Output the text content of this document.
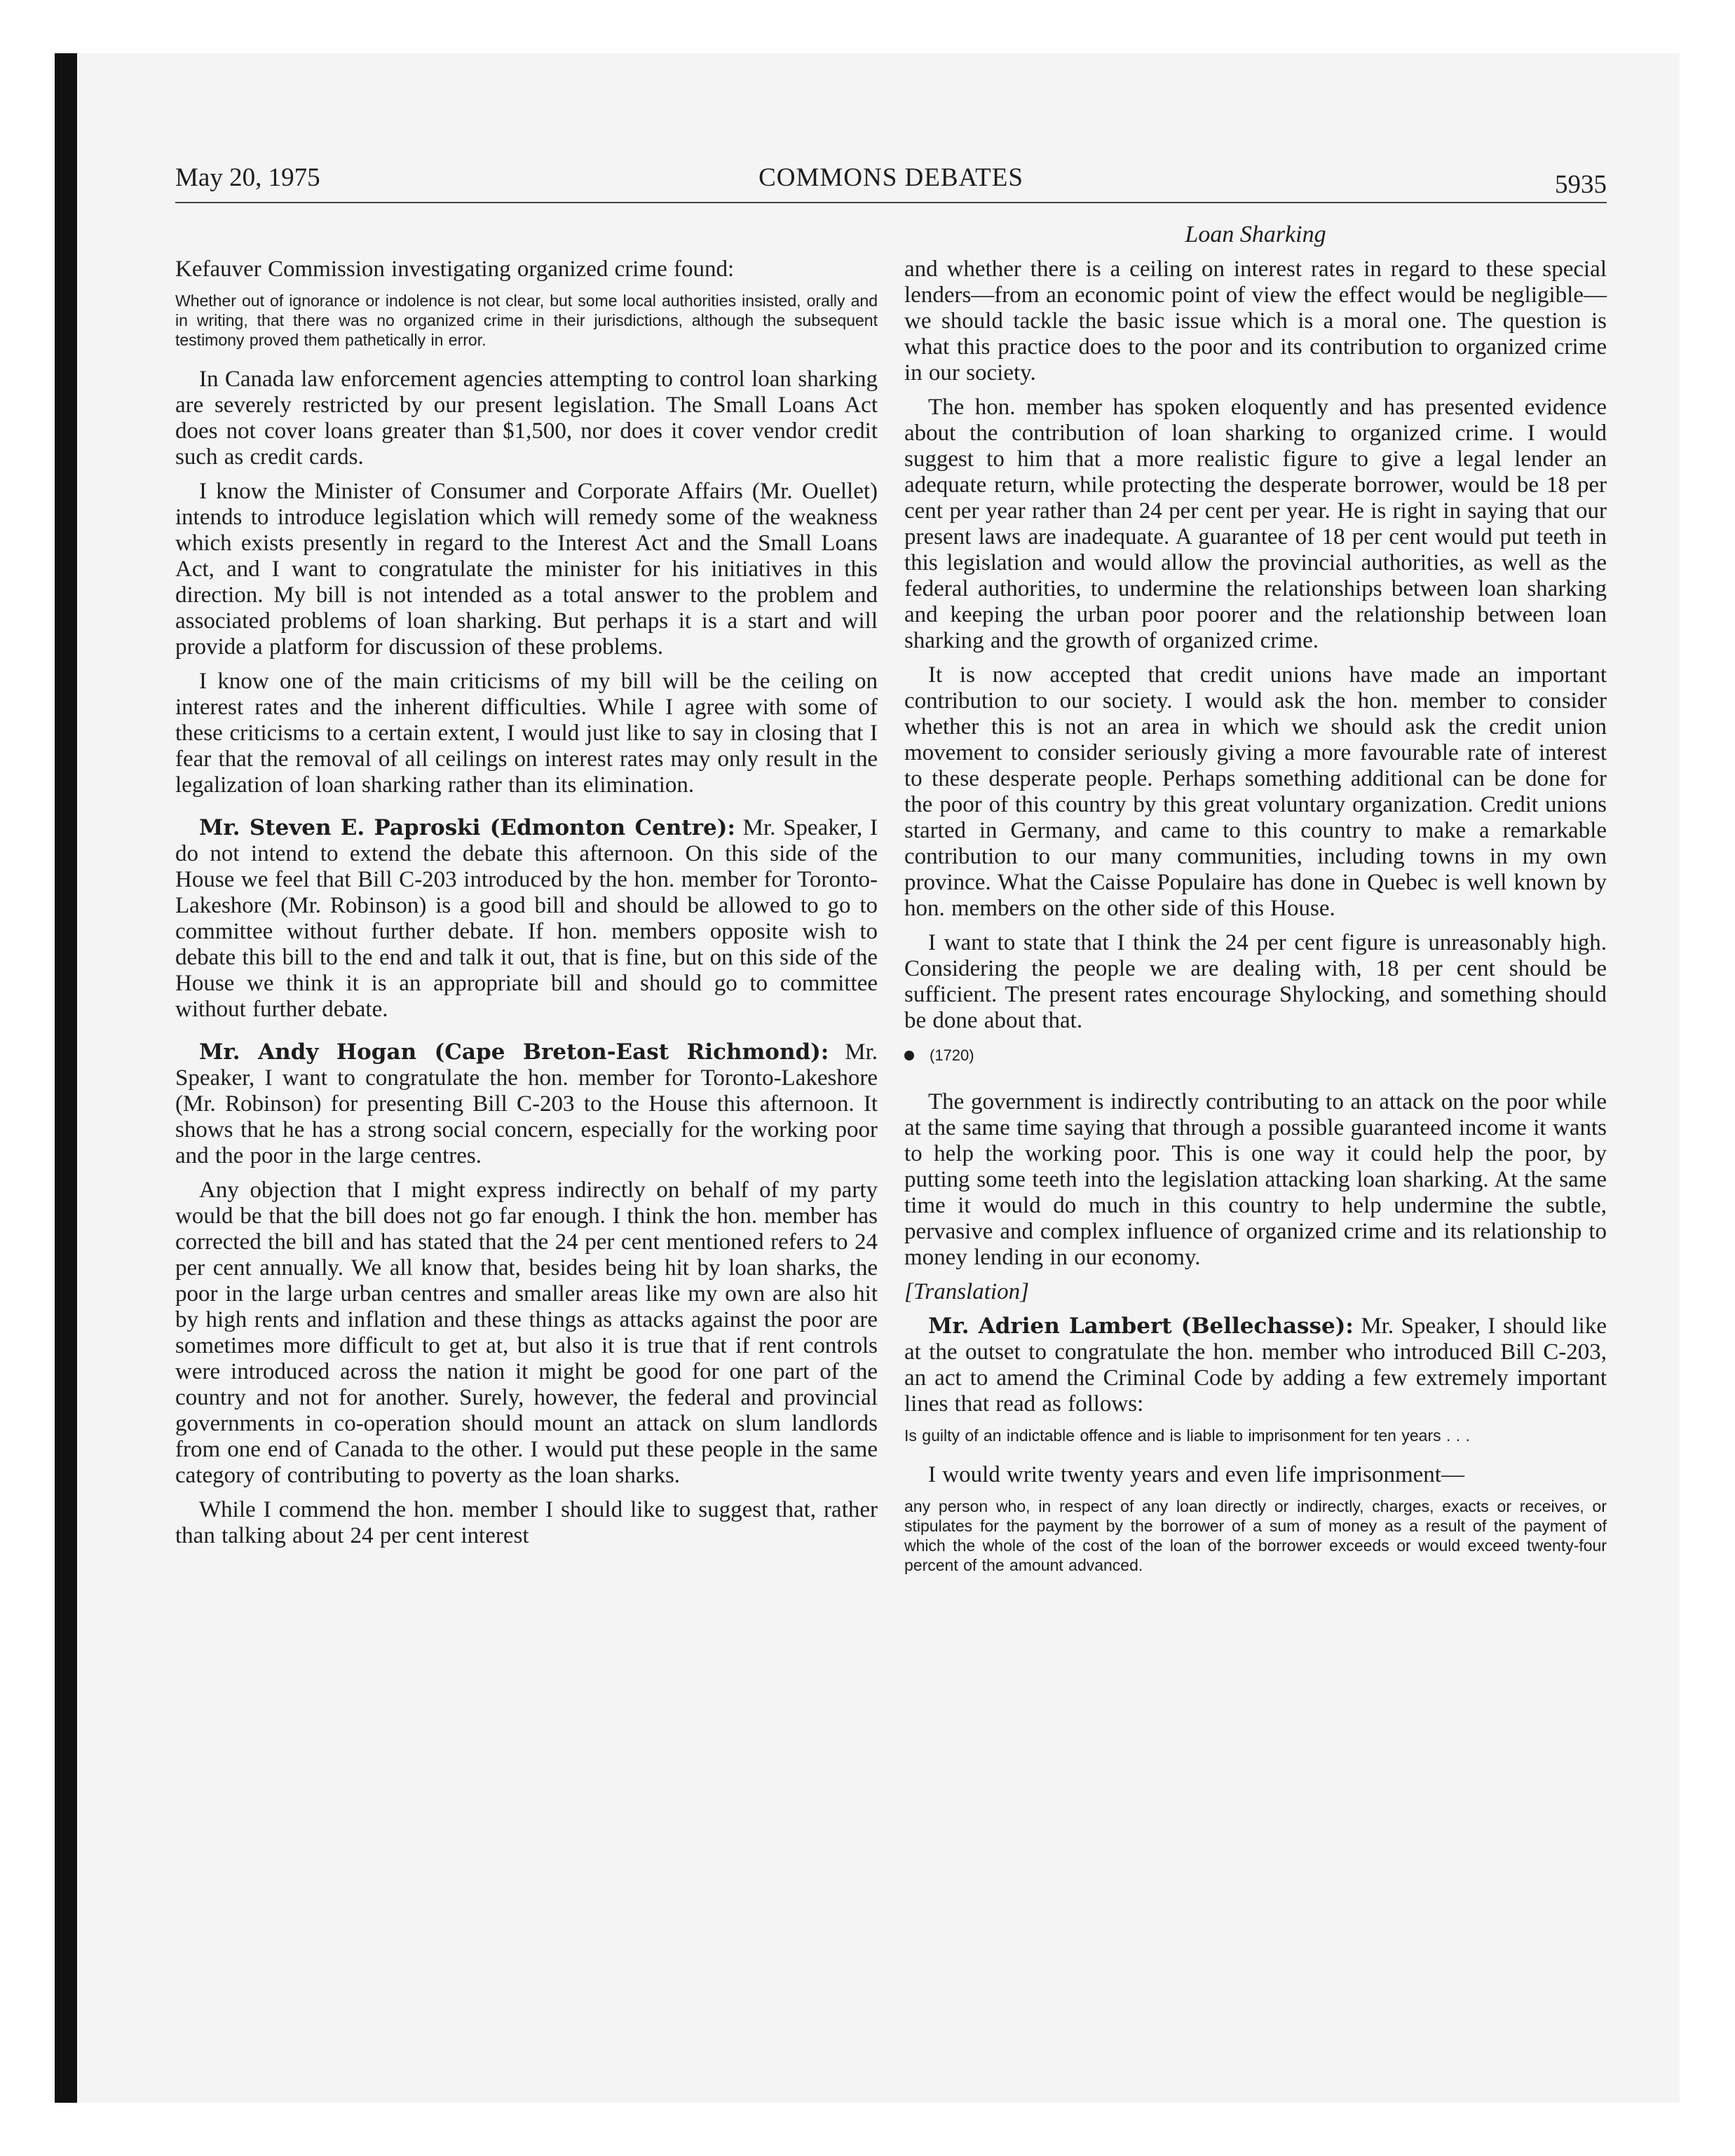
May 20, 1975	COMMONS DEBATES	5935
Loan Sharking

Kefauver Commission investigating organized crime found:

Whether out of ignorance or indolence is not clear, but some local authorities insisted, orally and in writing, that there was no organized crime in their jurisdictions, although the subsequent testimony proved them pathetically in error.

In Canada law enforcement agencies attempting to control loan sharking are severely restricted by our present legislation. The Small Loans Act does not cover loans greater than $1,500, nor does it cover vendor credit such as credit cards.

I know the Minister of Consumer and Corporate Affairs (Mr. Ouellet) intends to introduce legislation which will remedy some of the weakness which exists presently in regard to the Interest Act and the Small Loans Act, and I want to congratulate the minister for his initiatives in this direction. My bill is not intended as a total answer to the problem and associated problems of loan sharking. But perhaps it is a start and will provide a platform for discussion of these problems.

I know one of the main criticisms of my bill will be the ceiling on interest rates and the inherent difficulties. While I agree with some of these criticisms to a certain extent, I would just like to say in closing that I fear that the removal of all ceilings on interest rates may only result in the legalization of loan sharking rather than its elimination.

Mr. Steven E. Paproski (Edmonton Centre): Mr. Speaker, I do not intend to extend the debate this afternoon. On this side of the House we feel that Bill C-203 introduced by the hon. member for Toronto-Lakeshore (Mr. Robinson) is a good bill and should be allowed to go to committee without further debate. If hon. members opposite wish to debate this bill to the end and talk it out, that is fine, but on this side of the House we think it is an appropriate bill and should go to committee without further debate.

Mr. Andy Hogan (Cape Breton-East Richmond): Mr. Speaker, I want to congratulate the hon. member for Toronto-Lakeshore (Mr. Robinson) for presenting Bill C-203 to the House this afternoon. It shows that he has a strong social concern, especially for the working poor and the poor in the large centres.

Any objection that I might express indirectly on behalf of my party would be that the bill does not go far enough. I think the hon. member has corrected the bill and has stated that the 24 per cent mentioned refers to 24 per cent annually. We all know that, besides being hit by loan sharks, the poor in the large urban centres and smaller areas like my own are also hit by high rents and inflation and these things as attacks against the poor are sometimes more difficult to get at, but also it is true that if rent controls were introduced across the nation it might be good for one part of the country and not for another. Surely, however, the federal and provincial governments in co-operation should mount an attack on slum landlords from one end of Canada to the other. I would put these people in the same category of contributing to poverty as the loan sharks.

While I commend the hon. member I should like to suggest that, rather than talking about 24 per cent interest

and whether there is a ceiling on interest rates in regard to these special lenders—from an economic point of view the effect would be negligible—we should tackle the basic issue which is a moral one. The question is what this practice does to the poor and its contribution to organized crime in our society.

The hon. member has spoken eloquently and has presented evidence about the contribution of loan sharking to organized crime. I would suggest to him that a more realistic figure to give a legal lender an adequate return, while protecting the desperate borrower, would be 18 per cent per year rather than 24 per cent per year. He is right in saying that our present laws are inadequate. A guarantee of 18 per cent would put teeth in this legislation and would allow the provincial authorities, as well as the federal authorities, to undermine the relationships between loan sharking and keeping the urban poor poorer and the relationship between loan sharking and the growth of organized crime.

It is now accepted that credit unions have made an important contribution to our society. I would ask the hon. member to consider whether this is not an area in which we should ask the credit union movement to consider seriously giving a more favourable rate of interest to these desperate people. Perhaps something additional can be done for the poor of this country by this great voluntary organization. Credit unions started in Germany, and came to this country to make a remarkable contribution to our many communities, including towns in my own province. What the Caisse Populaire has done in Quebec is well known by hon. members on the other side of this House.

I want to state that I think the 24 per cent figure is unreasonably high. Considering the people we are dealing with, 18 per cent should be sufficient. The present rates encourage Shylocking, and something should be done about that.

(1720)

The government is indirectly contributing to an attack on the poor while at the same time saying that through a possible guaranteed income it wants to help the working poor. This is one way it could help the poor, by putting some teeth into the legislation attacking loan sharking. At the same time it would do much in this country to help undermine the subtle, pervasive and complex influence of organized crime and its relationship to money lending in our economy.

[Translation]

Mr. Adrien Lambert (Bellechasse): Mr. Speaker, I should like at the outset to congratulate the hon. member who introduced Bill C-203, an act to amend the Criminal Code by adding a few extremely important lines that read as follows:

Is guilty of an indictable offence and is liable to imprisonment for ten years . . .

I would write twenty years and even life imprisonment—

any person who, in respect of any loan directly or indirectly, charges, exacts or receives, or stipulates for the payment by the borrower of a sum of money as a result of the payment of which the whole of the cost of the loan of the borrower exceeds or would exceed twenty-four percent of the amount advanced.
